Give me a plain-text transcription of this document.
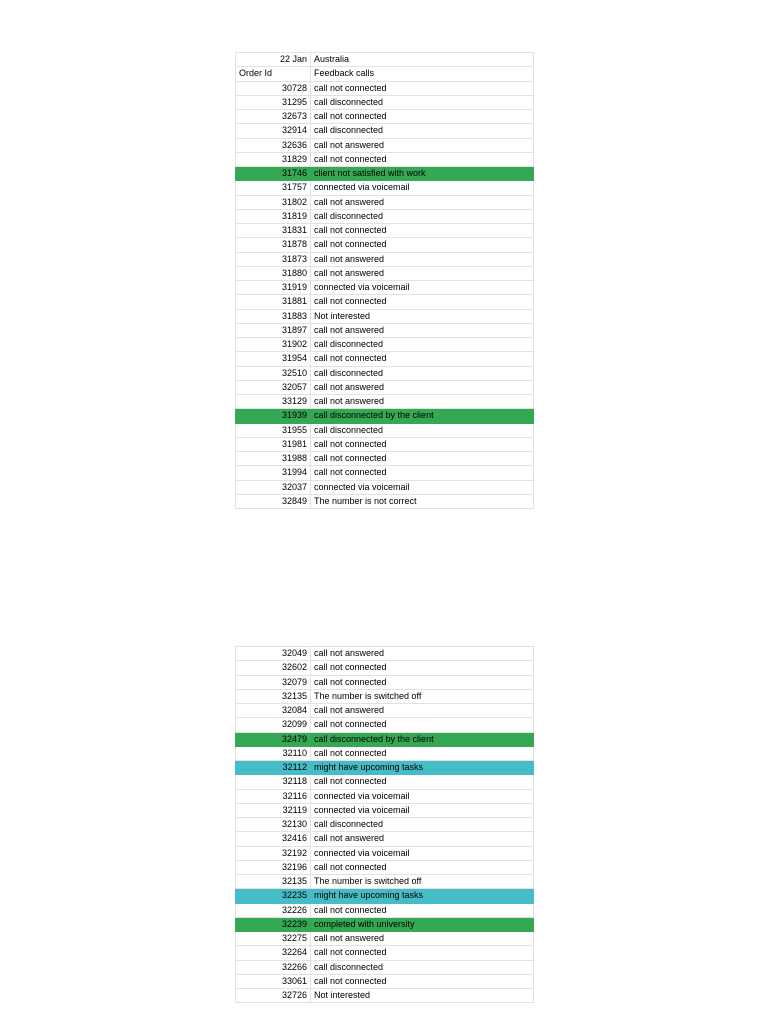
22 Jan	Australia
Order Id	Feedback calls
30728	call not connected
31295	call disconnected
32673	call not connected
32914	call disconnected
32636	call not answered
31829	call not connected
31746	client not satisfied with work
31757	connected via voicemail
31802	call not answered
31819	call disconnected
31831	call not connected
31878	call not connected
31873	call not answered
31880	call not answered
31919	connected via voicemail
31881	call not connected
31883	Not interested
31897	call not answered
31902	call disconnected
31954	call not connected
32510	call disconnected
32057	call not answered
33129	call not answered
31939	call disconnected by the client
31955	call disconnected
31981	call not connected
31988	call not connected
31994	call not connected
32037	connected via voicemail
32849	The number is not correct
32049	call not answered
32602	call not connected
32079	call not connected
32135	The number is switched off
32084	call not answered
32099	call not connected
32479	call disconnected by the client
32110	call not connected
32112	might have upcoming tasks
32118	call not connected
32116	connected via voicemail
32119	connected via voicemail
32130	call disconnected
32416	call not answered
32192	connected via voicemail
32196	call not connected
32135	The number is switched off
32235	might have upcoming tasks
32226	call not connected
32239	completed with university
32275	call not answered
32264	call not connected
32266	call disconnected
33061	call not connected
32726	Not interested
